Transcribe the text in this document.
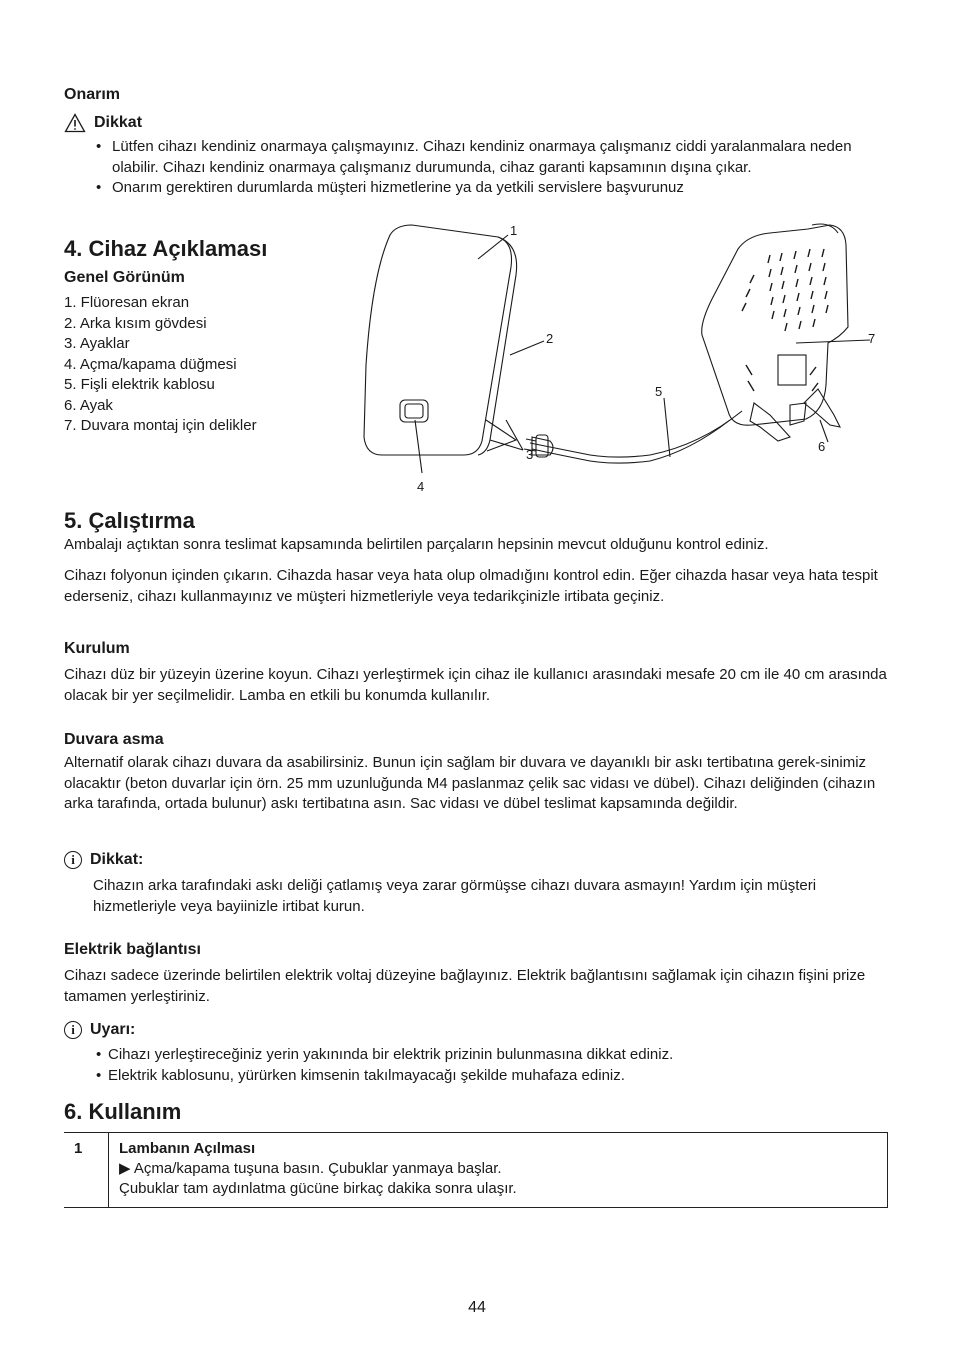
Onarım
Dikkat
• Lütfen cihazı kendiniz onarmaya çalışmayınız. Cihazı kendiniz onarmaya çalışmanız ciddi yaralanmalara neden olabilir. Cihazı kendiniz onarmaya çalışmanız durumunda, cihaz garanti kapsamının dışına çıkar.
• Onarım gerektiren durumlarda müşteri hizmetlerine ya da yetkili servislere başvurunuz
4. Cihaz Açıklaması
Genel Görünüm
1. Flüoresan ekran
2. Arka kısım gövdesi
3. Ayaklar
4. Açma/kapama düğmesi
5. Fişli elektrik kablosu
6. Ayak
7. Duvara montaj için delikler
1
2
3
4
5
6
7
5. Çalıştırma
Ambalajı açtıktan sonra teslimat kapsamında belirtilen parçaların hepsinin mevcut olduğunu kontrol ediniz.
Cihazı folyonun içinden çıkarın. Cihazda hasar veya hata olup olmadığını kontrol edin. Eğer cihazda hasar veya hata tespit ederseniz, cihazı kullanmayınız ve müşteri hizmetleriyle veya tedarikçinizle irtibata geçiniz.
Kurulum
Cihazı düz bir yüzeyin üzerine koyun. Cihazı yerleştirmek için cihaz ile kullanıcı arasındaki mesafe 20 cm ile 40 cm arasında olacak bir yer seçilmelidir. Lamba en etkili bu konumda kullanılır.
Duvara asma
Alternatif olarak cihazı duvara da asabilirsiniz. Bunun için sağlam bir duvara ve dayanıklı bir askı tertibatına gerek-sinimiz olacaktır (beton duvarlar için örn. 25 mm uzunluğunda M4 paslanmaz çelik sac vidası ve dübel). Cihazı deliğinden (cihazın arka tarafında, ortada bulunur) askı tertibatına asın. Sac vidası ve dübel teslimat kapsamında değildir.
i Dikkat:
Cihazın arka tarafındaki askı deliği çatlamış veya zarar görmüşse cihazı duvara asmayın! Yardım için müşteri hizmetleriyle veya bayiinizle irtibat kurun.
Elektrik bağlantısı
Cihazı sadece üzerinde belirtilen elektrik voltaj düzeyine bağlayınız. Elektrik bağlantısını sağlamak için cihazın fişini prize tamamen yerleştiriniz.
i Uyarı:
• Cihazı yerleştireceğiniz yerin yakınında bir elektrik prizinin bulunmasına dikkat ediniz.
• Elektrik kablosunu, yürürken kimsenin takılmayacağı şekilde muhafaza ediniz.
6. Kullanım
1	Lambanın Açılması
▶ Açma/kapama tuşuna basın. Çubuklar yanmaya başlar.
Çubuklar tam aydınlatma gücüne birkaç dakika sonra ulaşır.
44
